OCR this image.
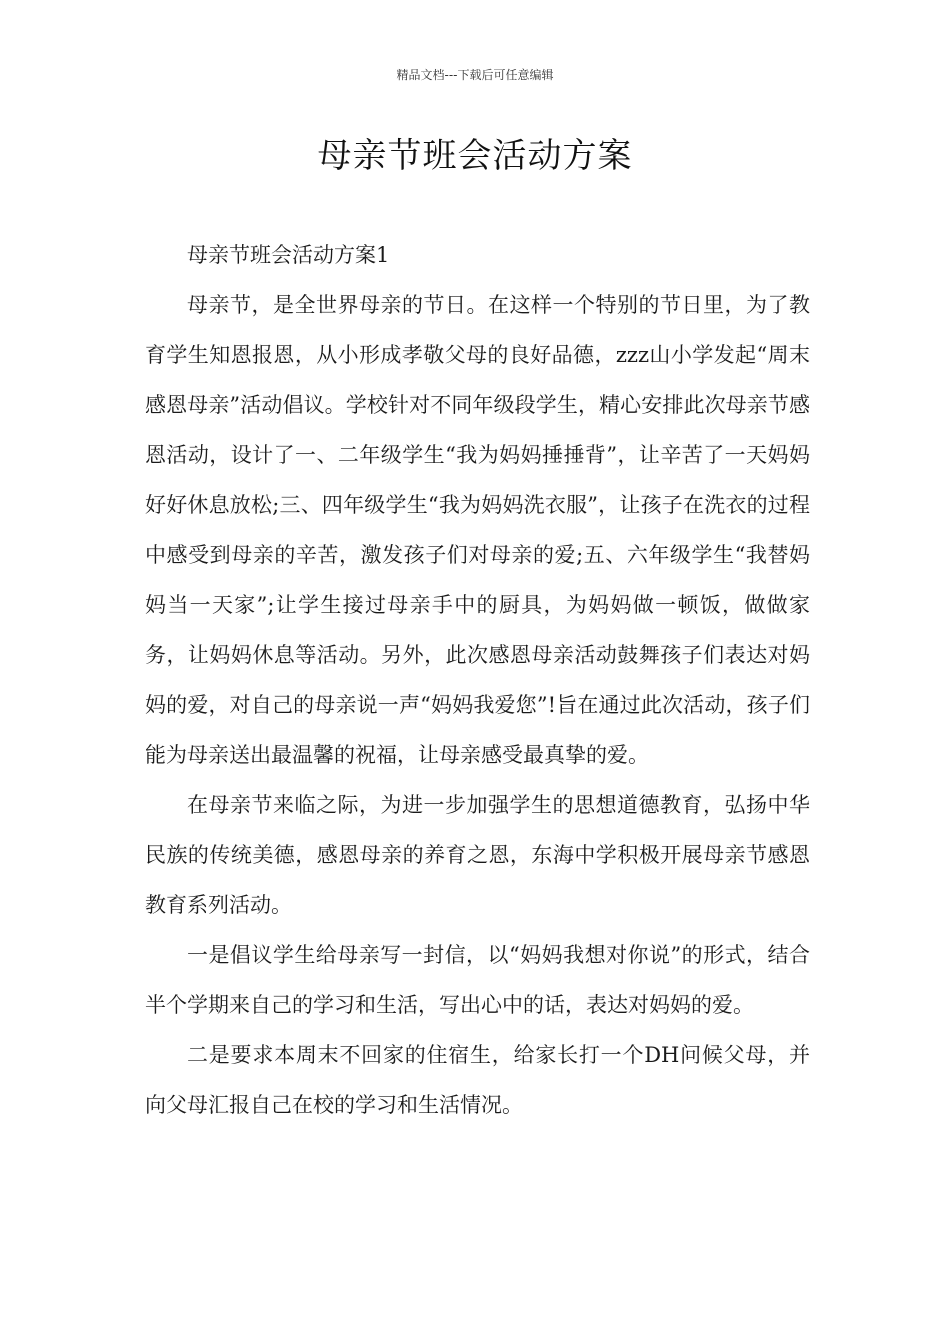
精品文档---下载后可任意编辑
母亲节班会活动方案

母亲节班会活动方案1

母亲节，是全世界母亲的节日。在这样一个特别的节日里，为了教育学生知恩报恩，从小形成孝敬父母的良好品德，zzz山小学发起“周末感恩母亲”活动倡议。学校针对不同年级段学生，精心安排此次母亲节感恩活动，设计了一、二年级学生“我为妈妈捶捶背”，让辛苦了一天妈妈好好休息放松;三、四年级学生“我为妈妈洗衣服”，让孩子在洗衣的过程中感受到母亲的辛苦，激发孩子们对母亲的爱;五、六年级学生“我替妈妈当一天家”;让学生接过母亲手中的厨具，为妈妈做一顿饭，做做家务，让妈妈休息等活动。另外，此次感恩母亲活动鼓舞孩子们表达对妈妈的爱，对自己的母亲说一声“妈妈我爱您”!旨在通过此次活动，孩子们能为母亲送出最温馨的祝福，让母亲感受最真挚的爱。

在母亲节来临之际，为进一步加强学生的思想道德教育，弘扬中华民族的传统美德，感恩母亲的养育之恩，东海中学积极开展母亲节感恩教育系列活动。

一是倡议学生给母亲写一封信，以“妈妈我想对你说”的形式，结合半个学期来自己的学习和生活，写出心中的话，表达对妈妈的爱。

二是要求本周末不回家的住宿生，给家长打一个DH问候父母，并向父母汇报自己在校的学习和生活情况。
